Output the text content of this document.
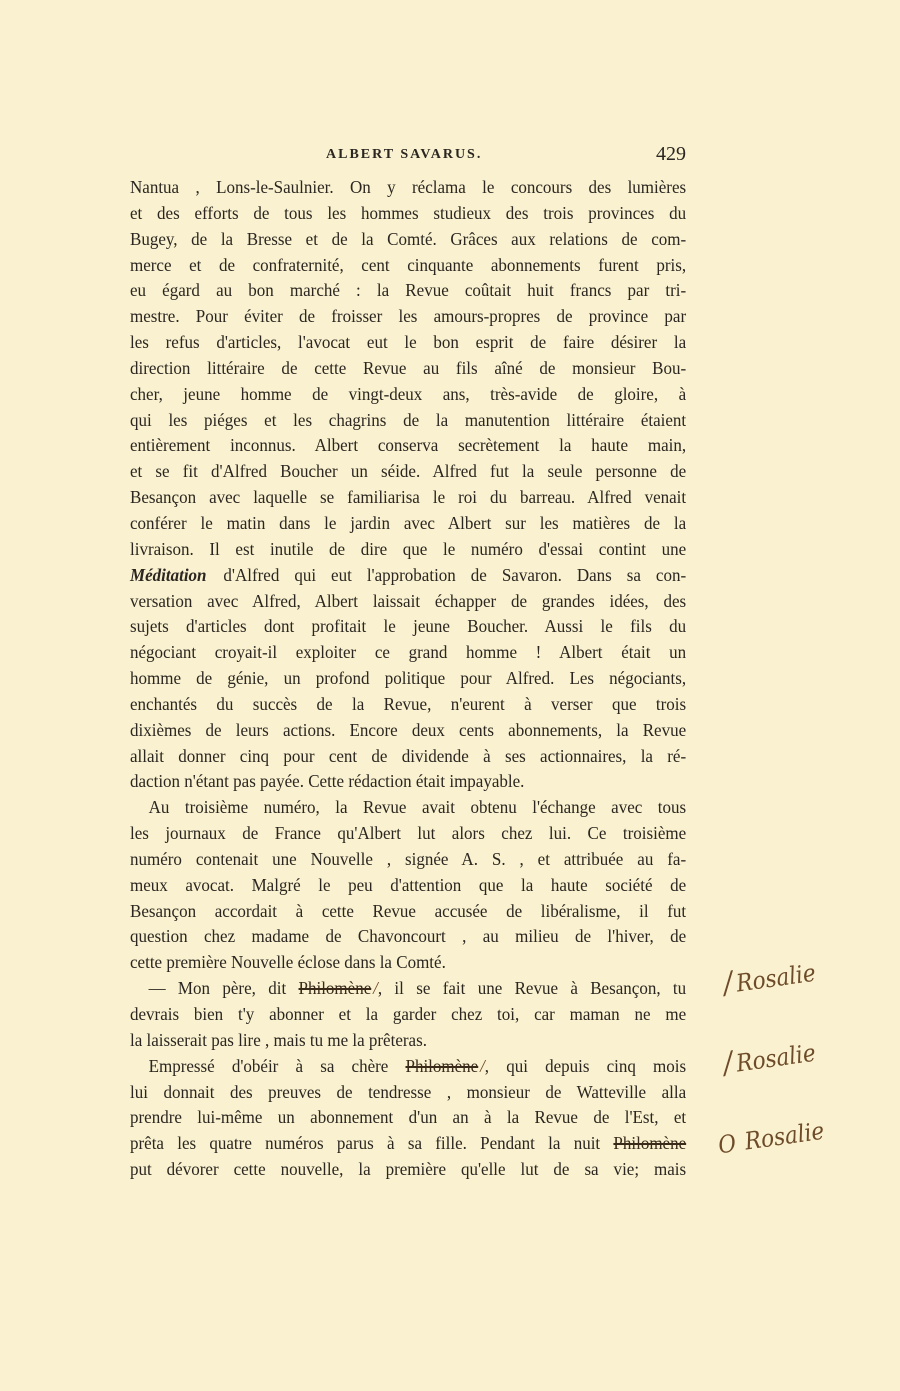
ALBERT SAVARUS.	429
Nantua , Lons-le-Saulnier. On y réclama le concours des lumières
et des efforts de tous les hommes studieux des trois provinces du
Bugey, de la Bresse et de la Comté. Grâces aux relations de com-
merce et de confraternité, cent cinquante abonnements furent pris,
eu égard au bon marché : la Revue coûtait huit francs par tri-
mestre. Pour éviter de froisser les amours-propres de province par
les refus d'articles, l'avocat eut le bon esprit de faire désirer la
direction littéraire de cette Revue au fils aîné de monsieur Bou-
cher, jeune homme de vingt-deux ans, très-avide de gloire, à
qui les piéges et les chagrins de la manutention littéraire étaient
entièrement inconnus. Albert conserva secrètement la haute main,
et se fit d'Alfred Boucher un séide. Alfred fut la seule personne de
Besançon avec laquelle se familiarisa le roi du barreau. Alfred venait
conférer le matin dans le jardin avec Albert sur les matières de la
livraison. Il est inutile de dire que le numéro d'essai contint une
Méditation d'Alfred qui eut l'approbation de Savaron. Dans sa con-
versation avec Alfred, Albert laissait échapper de grandes idées, des
sujets d'articles dont profitait le jeune Boucher. Aussi le fils du
négociant croyait-il exploiter ce grand homme ! Albert était un
homme de génie, un profond politique pour Alfred. Les négociants,
enchantés du succès de la Revue, n'eurent à verser que trois
dixièmes de leurs actions. Encore deux cents abonnements, la Revue
allait donner cinq pour cent de dividende à ses actionnaires, la ré-
daction n'étant pas payée. Cette rédaction était impayable.
Au troisième numéro, la Revue avait obtenu l'échange avec tous
les journaux de France qu'Albert lut alors chez lui. Ce troisième
numéro contenait une Nouvelle , signée A. S. , et attribuée au fa-
meux avocat. Malgré le peu d'attention que la haute société de
Besançon accordait à cette Revue accusée de libéralisme, il fut
question chez madame de Chavoncourt , au milieu de l'hiver, de
cette première Nouvelle éclose dans la Comté.
— Mon père, dit Philomène /, il se fait une Revue à Besançon, tu
devrais bien t'y abonner et la garder chez toi, car maman ne me
la laisserait pas lire , mais tu me la prêteras.
Empressé d'obéir à sa chère Philomène /, qui depuis cinq mois
lui donnait des preuves de tendresse , monsieur de Watteville alla
prendre lui-même un abonnement d'un an à la Revue de l'Est, et
prêta les quatre numéros parus à sa fille. Pendant la nuit Philomène
put dévorer cette nouvelle, la première qu'elle lut de sa vie; mais
/Rosalie
/Rosalie
O Rosalie
